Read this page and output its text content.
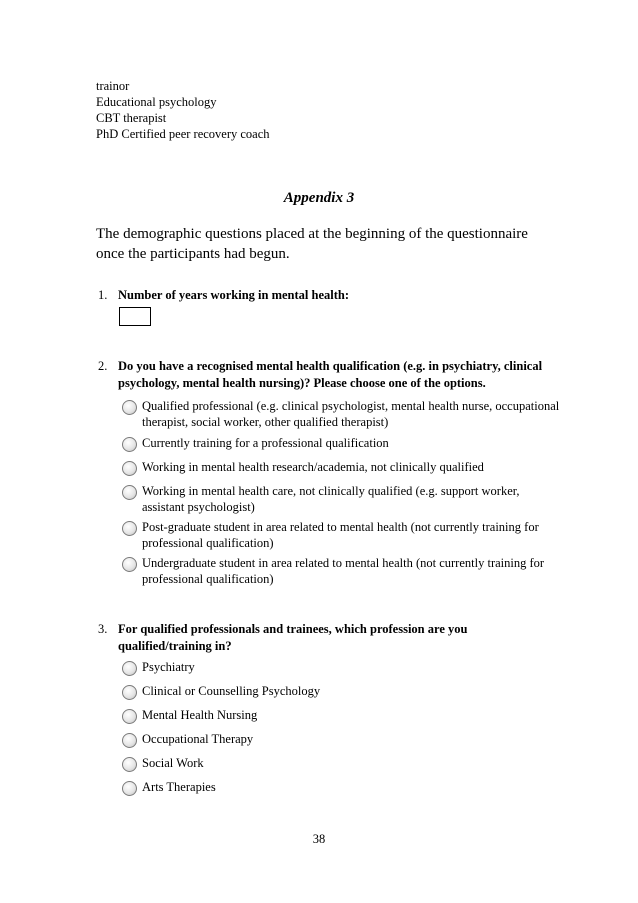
trainor
Educational psychology
CBT therapist
PhD Certified peer recovery coach
Appendix 3
The demographic questions placed at the beginning of the questionnaire
once the participants had begun.
1. Number of years working in mental health:
2. Do you have a recognised mental health qualification (e.g. in psychiatry, clinical psychology, mental health nursing)? Please choose one of the options.
Qualified professional (e.g. clinical psychologist, mental health nurse, occupational therapist, social worker, other qualified therapist)
Currently training for a professional qualification
Working in mental health research/academia, not clinically qualified
Working in mental health care, not clinically qualified (e.g. support worker, assistant psychologist)
Post-graduate student in area related to mental health (not currently training for professional qualification)
Undergraduate student in area related to mental health (not currently training for professional qualification)
3. For qualified professionals and trainees, which profession are you qualified/training in?
Psychiatry
Clinical or Counselling Psychology
Mental Health Nursing
Occupational Therapy
Social Work
Arts Therapies
38
